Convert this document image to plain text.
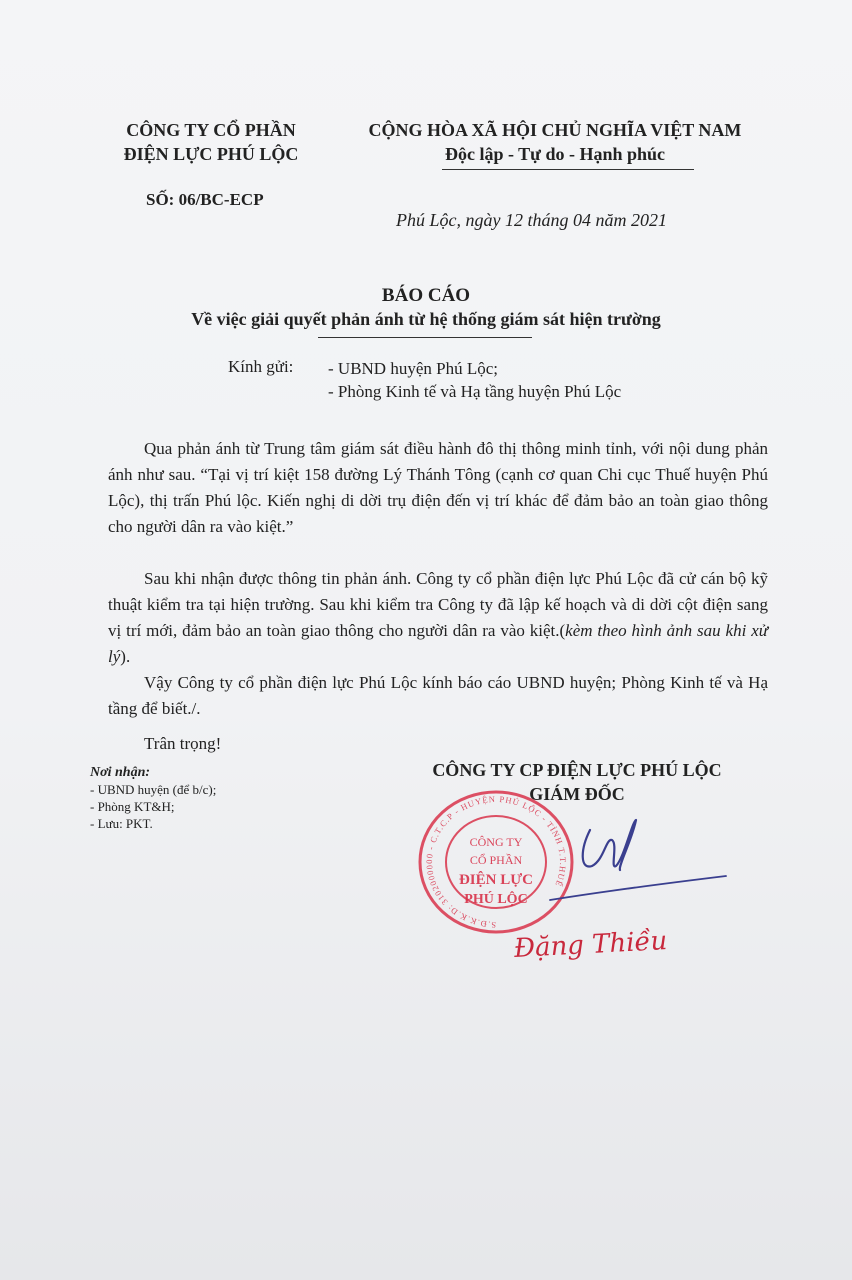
CÔNG TY CỔ PHẦN
ĐIỆN LỰC PHÚ LỘC
SỐ: 06/BC-ECP
CỘNG HÒA XÃ HỘI CHỦ NGHĨA VIỆT NAM
Độc lập - Tự do - Hạnh phúc
Phú Lộc, ngày 12 tháng 04 năm 2021
BÁO CÁO
Về việc giải quyết phản ánh từ hệ thống giám sát hiện trường
Kính gửi: - UBND huyện Phú Lộc;
- Phòng Kinh tế và Hạ tầng huyện Phú Lộc
Qua phản ánh từ Trung tâm giám sát điều hành đô thị thông minh tỉnh, với nội dung phản ánh như sau. “Tại vị trí kiệt 158 đường Lý Thánh Tông (cạnh cơ quan Chi cục Thuế huyện Phú Lộc), thị trấn Phú lộc. Kiến nghị di dời trụ điện đến vị trí khác để đảm bảo an toàn giao thông cho người dân ra vào kiệt.”
Sau khi nhận được thông tin phản ánh. Công ty cổ phần điện lực Phú Lộc đã cử cán bộ kỹ thuật kiểm tra tại hiện trường. Sau khi kiểm tra Công ty đã lập kế hoạch và di dời cột điện sang vị trí mới, đảm bảo an toàn giao thông cho người dân ra vào kiệt.(kèm theo hình ảnh sau khi xử lý).
Vậy Công ty cổ phần điện lực Phú Lộc kính báo cáo UBND huyện; Phòng Kinh tế và Hạ tầng để biết./.
Trân trọng!
Nơi nhận:
- UBND huyện (để b/c);
- Phòng KT&H;
- Lưu: PKT.
CÔNG TY CP ĐIỆN LỰC PHÚ LỘC
GIÁM ĐỐC
S.Đ.K.K.D: 3102000000 - C.T.C.P - HUYỆN PHÚ LỘC - TỈNH T.T.HUẾ
CÔNG TY
CỔ PHẦN
ĐIỆN LỰC
PHÚ LỘC
Đặng Thiều
